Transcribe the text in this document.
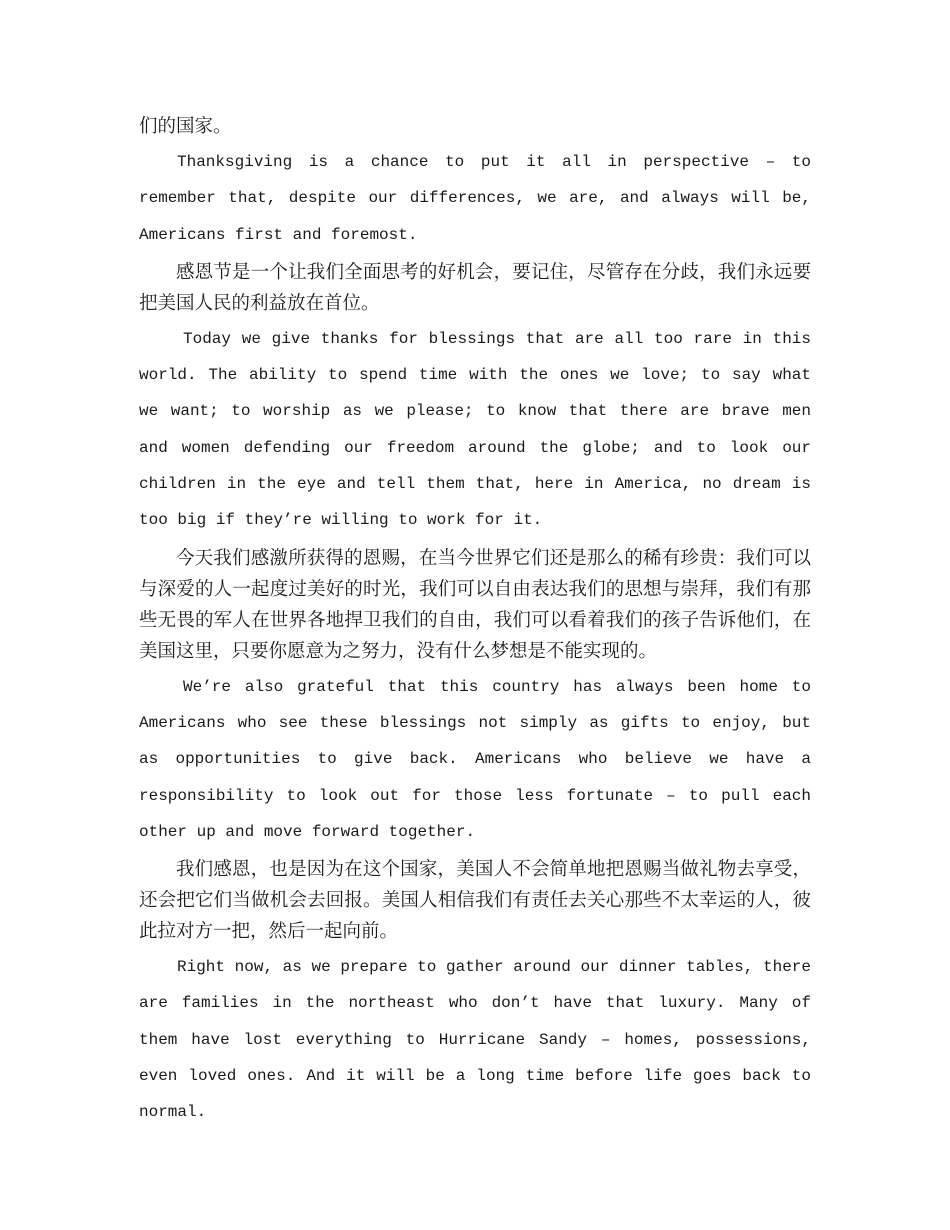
们的国家。

Thanksgiving is a chance to put it all in perspective – to remember that, despite our differences, we are, and always will be, Americans first and foremost.

感恩节是一个让我们全面思考的好机会，要记住，尽管存在分歧，我们永远要把美国人民的利益放在首位。

Today we give thanks for blessings that are all too rare in this world. The ability to spend time with the ones we love; to say what we want; to worship as we please; to know that there are brave men and women defending our freedom around the globe; and to look our children in the eye and tell them that, here in America, no dream is too big if they’re willing to work for it.

今天我们感激所获得的恩赐，在当今世界它们还是那么的稀有珍贵：我们可以与深爱的人一起度过美好的时光，我们可以自由表达我们的思想与崇拜，我们有那些无畏的军人在世界各地捍卫我们的自由，我们可以看着我们的孩子告诉他们，在美国这里，只要你愿意为之努力，没有什么梦想是不能实现的。

We’re also grateful that this country has always been home to Americans who see these blessings not simply as gifts to enjoy, but as opportunities to give back. Americans who believe we have a responsibility to look out for those less fortunate – to pull each other up and move forward together.

我们感恩，也是因为在这个国家，美国人不会简单地把恩赐当做礼物去享受，还会把它们当做机会去回报。美国人相信我们有责任去关心那些不太幸运的人，彼此拉对方一把，然后一起向前。

Right now, as we prepare to gather around our dinner tables, there are families in the northeast who don’t have that luxury. Many of them have lost everything to Hurricane Sandy – homes, possessions, even loved ones. And it will be a long time before life goes back to normal.
